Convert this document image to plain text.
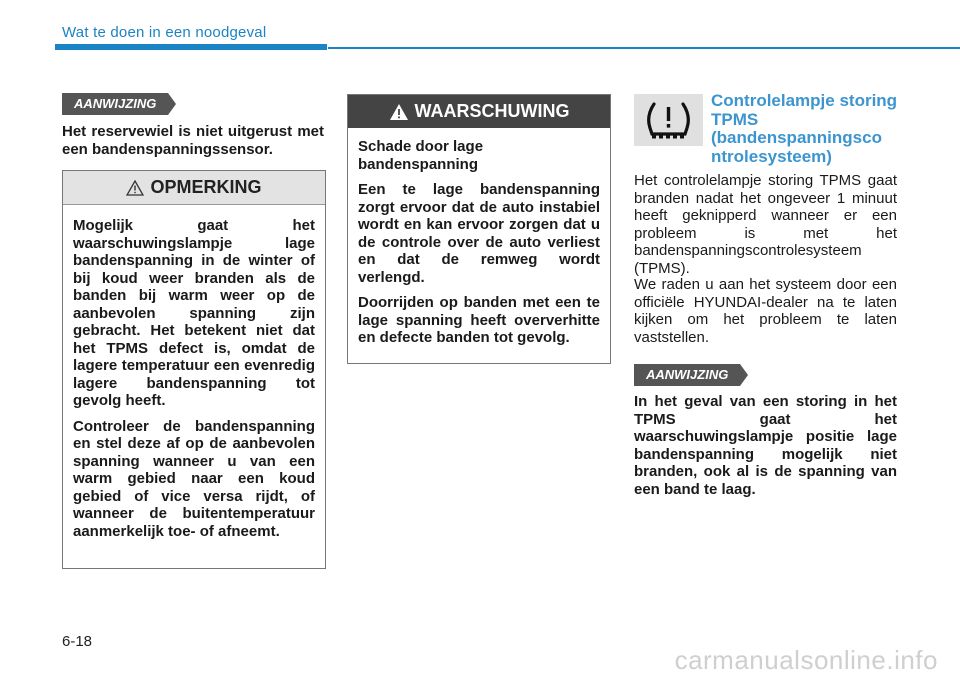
Wat te doen in een noodgeval
AANWIJZING
Het reservewiel is niet uitgerust met een bandenspanningssensor.
OPMERKING

Mogelijk gaat het waarschuwingslampje lage bandenspanning in de winter of bij koud weer branden als de banden bij warm weer op de aanbevolen spanning zijn gebracht. Het betekent niet dat het TPMS defect is, omdat de lagere temperatuur een evenredig lagere bandenspanning tot gevolg heeft.

Controleer de bandenspanning en stel deze af op de aanbevolen spanning wanneer u van een warm gebied naar een koud gebied of vice versa rijdt, of wanneer de buitentemperatuur aanmerkelijk toe- of afneemt.

WAARSCHUWING

Schade door lage bandenspanning

Een te lage bandenspanning zorgt ervoor dat de auto instabiel wordt en kan ervoor zorgen dat u de controle over de auto verliest en dat de remweg wordt verlengd.

Doorrijden op banden met een te lage spanning heeft oververhitte en defecte banden tot gevolg.

Controlelampje storing TPMS (bandenspanningsco ntrolesysteem)
Het controlelampje storing TPMS gaat branden nadat het ongeveer 1 minuut heeft geknipperd wanneer er een probleem is met het bandenspanningscontrolesysteem (TPMS).
We raden u aan het systeem door een officiële HYUNDAI-dealer na te laten kijken om het probleem te laten vaststellen.
AANWIJZING
In het geval van een storing in het TPMS gaat het waarschuwingslampje positie lage bandenspanning mogelijk niet branden, ook al is de spanning van een band te laag.
6-18
carmanualsonline.info
